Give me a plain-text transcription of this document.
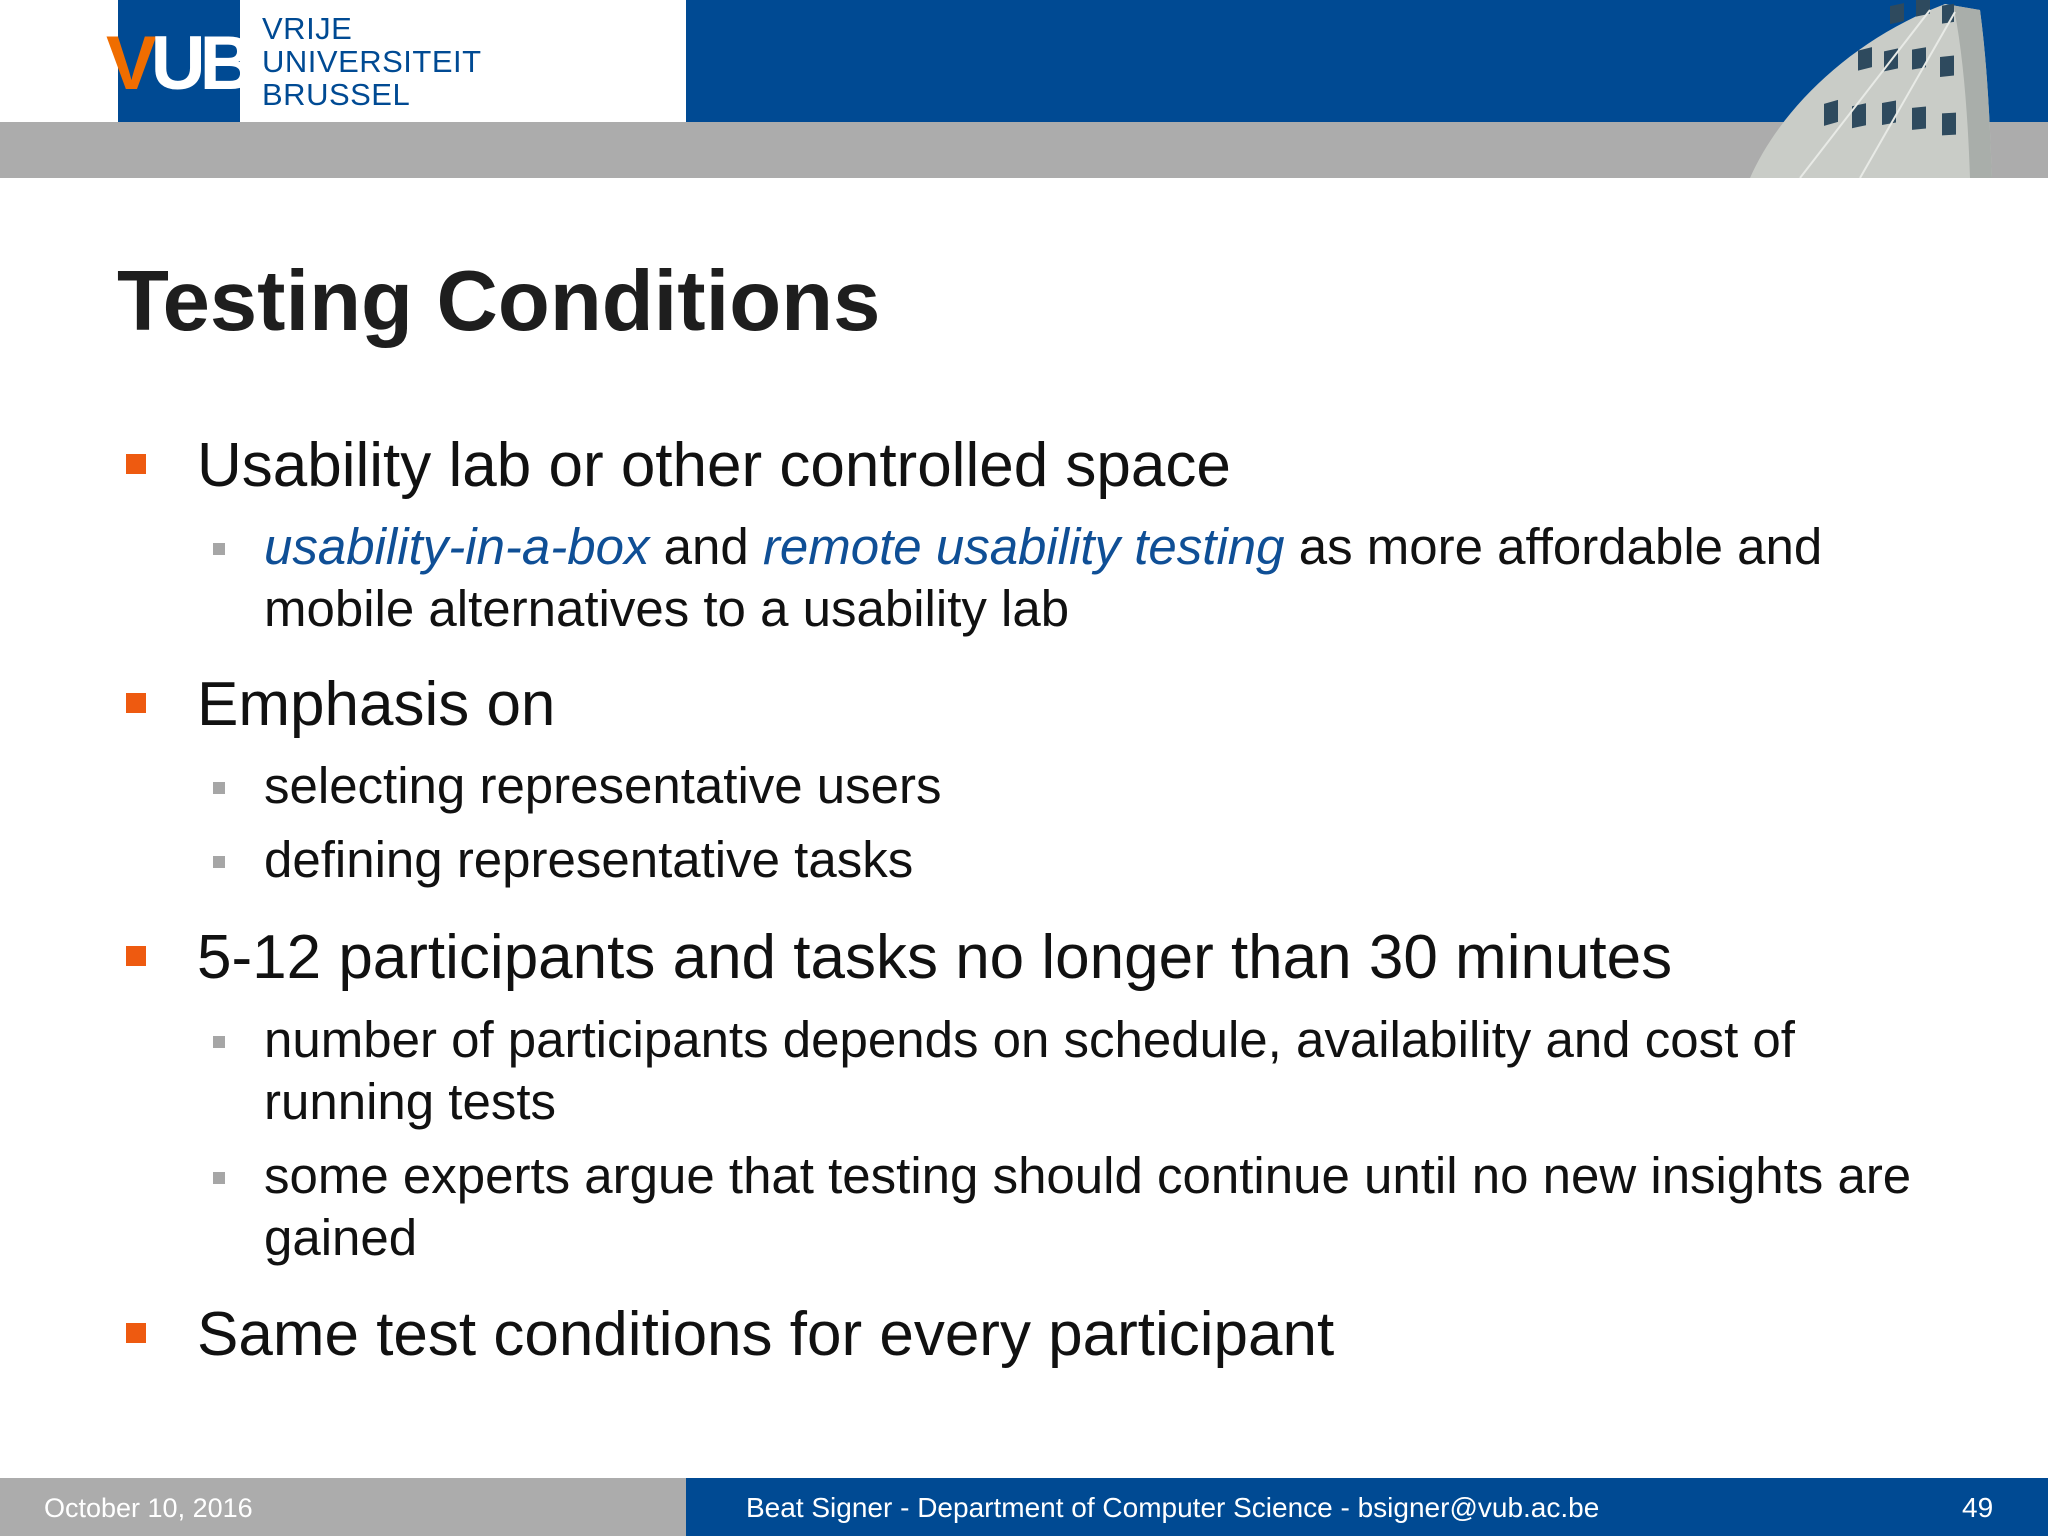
VUB VRIJE
UNIVERSITEIT
BRUSSEL
Testing Conditions
Usability lab or other controlled space
usability-in-a-box and remote usability testing as more affordable and mobile alternatives to a usability lab
Emphasis on
selecting representative users
defining representative tasks
5-12 participants and tasks no longer than 30 minutes
number of participants depends on schedule, availability and cost of running tests
some experts argue that testing should continue until no new insights are gained
Same test conditions for every participant
October 10, 2016	Beat Signer - Department of Computer Science - bsigner@vub.ac.be	49
